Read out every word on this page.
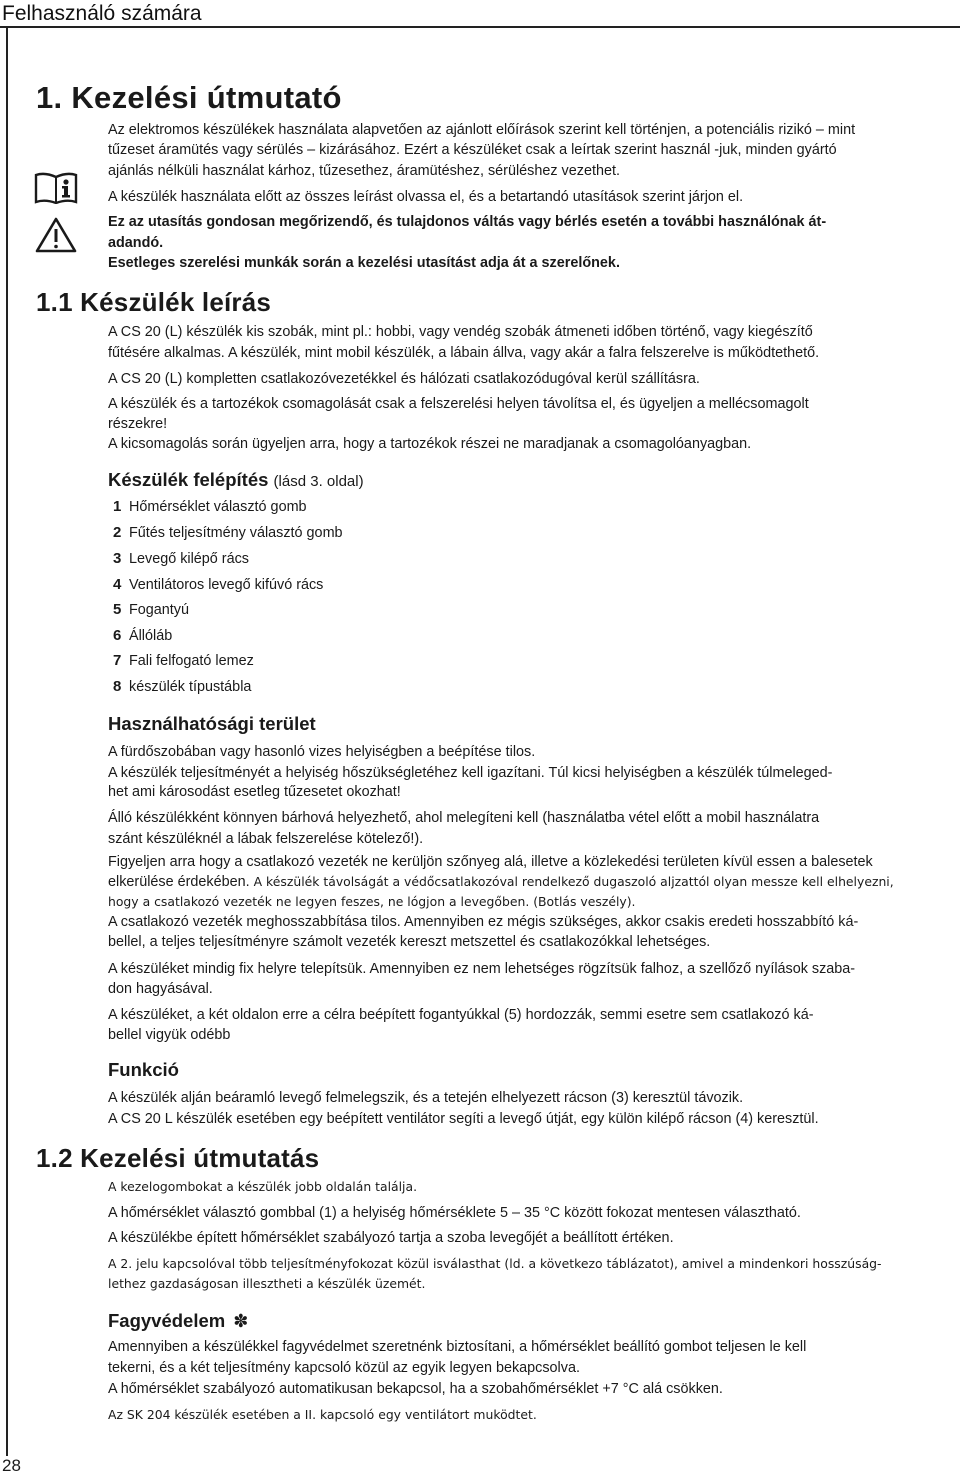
Felhasználó számára
28
1. Kezelési útmutató
Az elektromos készülékek használata alapvetően az ajánlott előírások szerint kell történjen, a potenciális rizikó – mint
tűzeset áramütés vagy sérülés – kizárásához. Ezért a készüléket csak a leírtak szerint használ -juk, minden gyártó
ajánlás nélküli használat kárhoz, tűzesethez, áramütéshez, sérüléshez vezethet.
A készülék használata előtt az összes leírást olvassa el, és a betartandó utasítások szerint járjon el.
Ez az utasítás gondosan megőrizendő, és tulajdonos váltás vagy bérlés esetén a további használónak át-
adandó.
Esetleges szerelési munkák során a kezelési utasítást adja át a szerelőnek.
1.1 Készülék leírás
A CS 20 (L) készülék kis szobák, mint pl.: hobbi, vagy vendég szobák átmeneti időben történő, vagy kiegészítő
fűtésére alkalmas. A készülék, mint mobil készülék, a lábain állva, vagy akár a falra felszerelve is működtethető.
A CS 20 (L) kompletten csatlakozóvezetékkel és hálózati csatlakozódugóval kerül szállításra.
A készülék és a tartozékok csomagolását csak a felszerelési helyen távolítsa el, és ügyeljen a mellécsomagolt
részekre!
A kicsomagolás során ügyeljen arra, hogy a tartozékok részei ne maradjanak a csomagolóanyagban.
Készülék felépítés (lásd 3. oldal)
1 Hőmérséklet választó gomb
2 Fűtés teljesítmény választó gomb
3 Levegő kilépő rács
4 Ventilátoros levegő kifúvó rács
5 Fogantyú
6 Állóláb
7 Fali felfogató lemez
8 készülék típustábla
Használhatósági terület
A fürdőszobában vagy hasonló vizes helyiségben a beépítése tilos.
A készülék teljesítményét a helyiség hőszükségletéhez kell igazítani. Túl kicsi helyiségben a készülék túlmeleged-
het ami károsodást esetleg tűzesetet okozhat!
Álló készülékként könnyen bárhová helyezhető, ahol melegíteni kell (használatba vétel előtt a mobil használatra
szánt készüléknél a lábak felszerelése kötelező!).
Figyeljen arra hogy a csatlakozó vezeték ne kerüljön szőnyeg alá, illetve a közlekedési területen kívül essen a balesetek
elkerülése érdekében. A készülék távolságát a védőcsatlakozóval rendelkező dugaszoló aljzattól olyan messze kell elhelyezni,
hogy a csatlakozó vezeték ne legyen feszes, ne lógjon a levegőben. (Botlás veszély).
A csatlakozó vezeték meghosszabbítása tilos. Amennyiben ez mégis szükséges, akkor csakis eredeti hosszabbító ká-
bellel, a teljes teljesítményre számolt vezeték kereszt metszettel és csatlakozókkal lehetséges.
A készüléket mindig fix helyre telepítsük. Amennyiben ez nem lehetséges rögzítsük falhoz, a szellőző nyílások szaba-
don hagyásával.
A készüléket, a két oldalon erre a célra beépített fogantyúkkal (5) hordozzák, semmi esetre sem csatlakozó ká-
bellel vigyük odébb
Funkció
A készülék alján beáramló levegő felmelegszik, és a tetején elhelyezett rácson (3) keresztül távozik.
A CS 20 L készülék esetében egy beépített ventilátor segíti a levegő útját, egy külön kilépő rácson (4) keresztül.
1.2 Kezelési útmutatás
A kezelogombokat a készülék jobb oldalán találja.
A hőmérséklet választó gombbal (1) a helyiség hőmérséklete 5 – 35 °C között fokozat mentesen választható.
A készülékbe épített hőmérséklet szabályozó tartja a szoba levegőjét a beállított értéken.
A 2. jelu kapcsolóval több teljesítményfokozat közül isválasthat (ld. a következo táblázatot), amivel a mindenkori hosszúság-
lethez gazdaságosan illesztheti a készülék üzemét.
Fagyvédelem ✽
Amennyiben a készülékkel fagyvédelmet szeretnénk biztosítani, a hőmérséklet beállító gombot teljesen le kell
tekerni, és a két teljesítmény kapcsoló közül az egyik legyen bekapcsolva.
A hőmérséklet szabályozó automatikusan bekapcsol, ha a szobahőmérséklet +7 °C alá csökken.
Az SK 204 készülék esetében a II. kapcsoló egy ventilátort muködtet.
